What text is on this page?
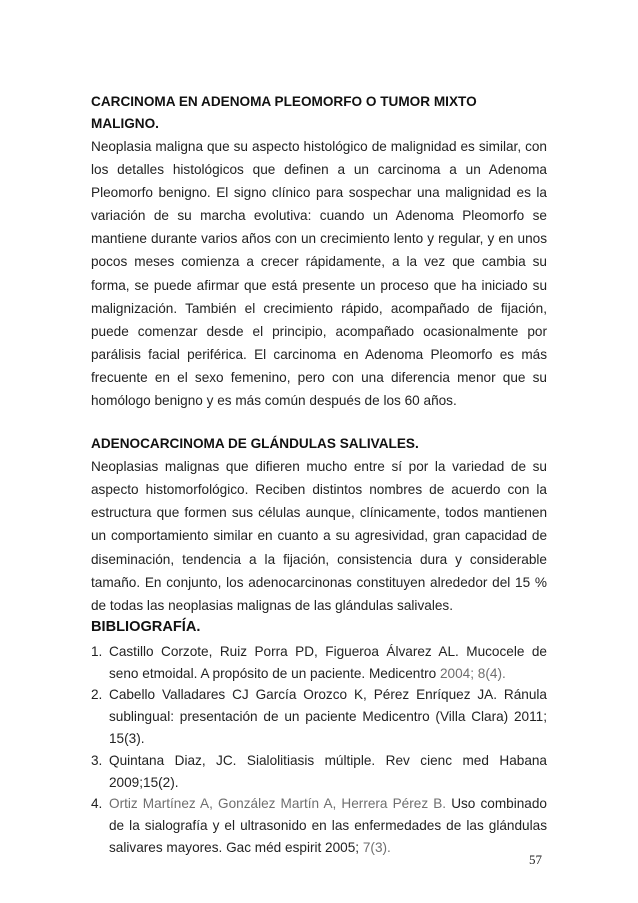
CARCINOMA EN ADENOMA PLEOMORFO O TUMOR MIXTO MALIGNO.

Neoplasia maligna que su aspecto histológico de malignidad es similar, con los detalles histológicos que definen a un carcinoma a un Adenoma Pleomorfo benigno. El signo clínico para sospechar una malignidad es la variación de su marcha evolutiva: cuando un Adenoma Pleomorfo se mantiene durante varios años con un crecimiento lento y regular, y en unos pocos meses comienza a crecer rápidamente, a la vez que cambia su forma, se puede afirmar que está presente un proceso que ha iniciado su malignización. También el crecimiento rápido, acompañado de fijación, puede comenzar desde el principio, acompañado ocasionalmente por parálisis facial periférica. El carcinoma en Adenoma Pleomorfo es más frecuente en el sexo femenino, pero con una diferencia menor que su homólogo benigno y es más común después de los 60 años.

ADENOCARCINOMA DE GLÁNDULAS SALIVALES.

Neoplasias malignas que difieren mucho entre sí por la variedad de su aspecto histomorfológico. Reciben distintos nombres de acuerdo con la estructura que formen sus células aunque, clínicamente, todos mantienen un comportamiento similar en cuanto a su agresividad, gran capacidad de diseminación, tendencia a la fijación, consistencia dura y considerable tamaño. En conjunto, los adenocarcinonas constituyen alrededor del 15 % de todas las neoplasias malignas de las glándulas salivales.

BIBLIOGRAFÍA.
1. Castillo Corzote, Ruiz Porra PD, Figueroa Álvarez AL. Mucocele de seno etmoidal. A propósito de un paciente. Medicentro 2004; 8(4).
2. Cabello Valladares CJ García Orozco K, Pérez Enríquez JA. Ránula sublingual: presentación de un paciente Medicentro (Villa Clara) 2011; 15(3).
3. Quintana Diaz, JC. Sialolitiasis múltiple. Rev cienc med Habana 2009;15(2).
4. Ortiz Martínez A, González Martín A, Herrera Pérez B. Uso combinado de la sialografía y el ultrasonido en las enfermedades de las glándulas salivares mayores. Gac méd espirit 2005; 7(3).
57
